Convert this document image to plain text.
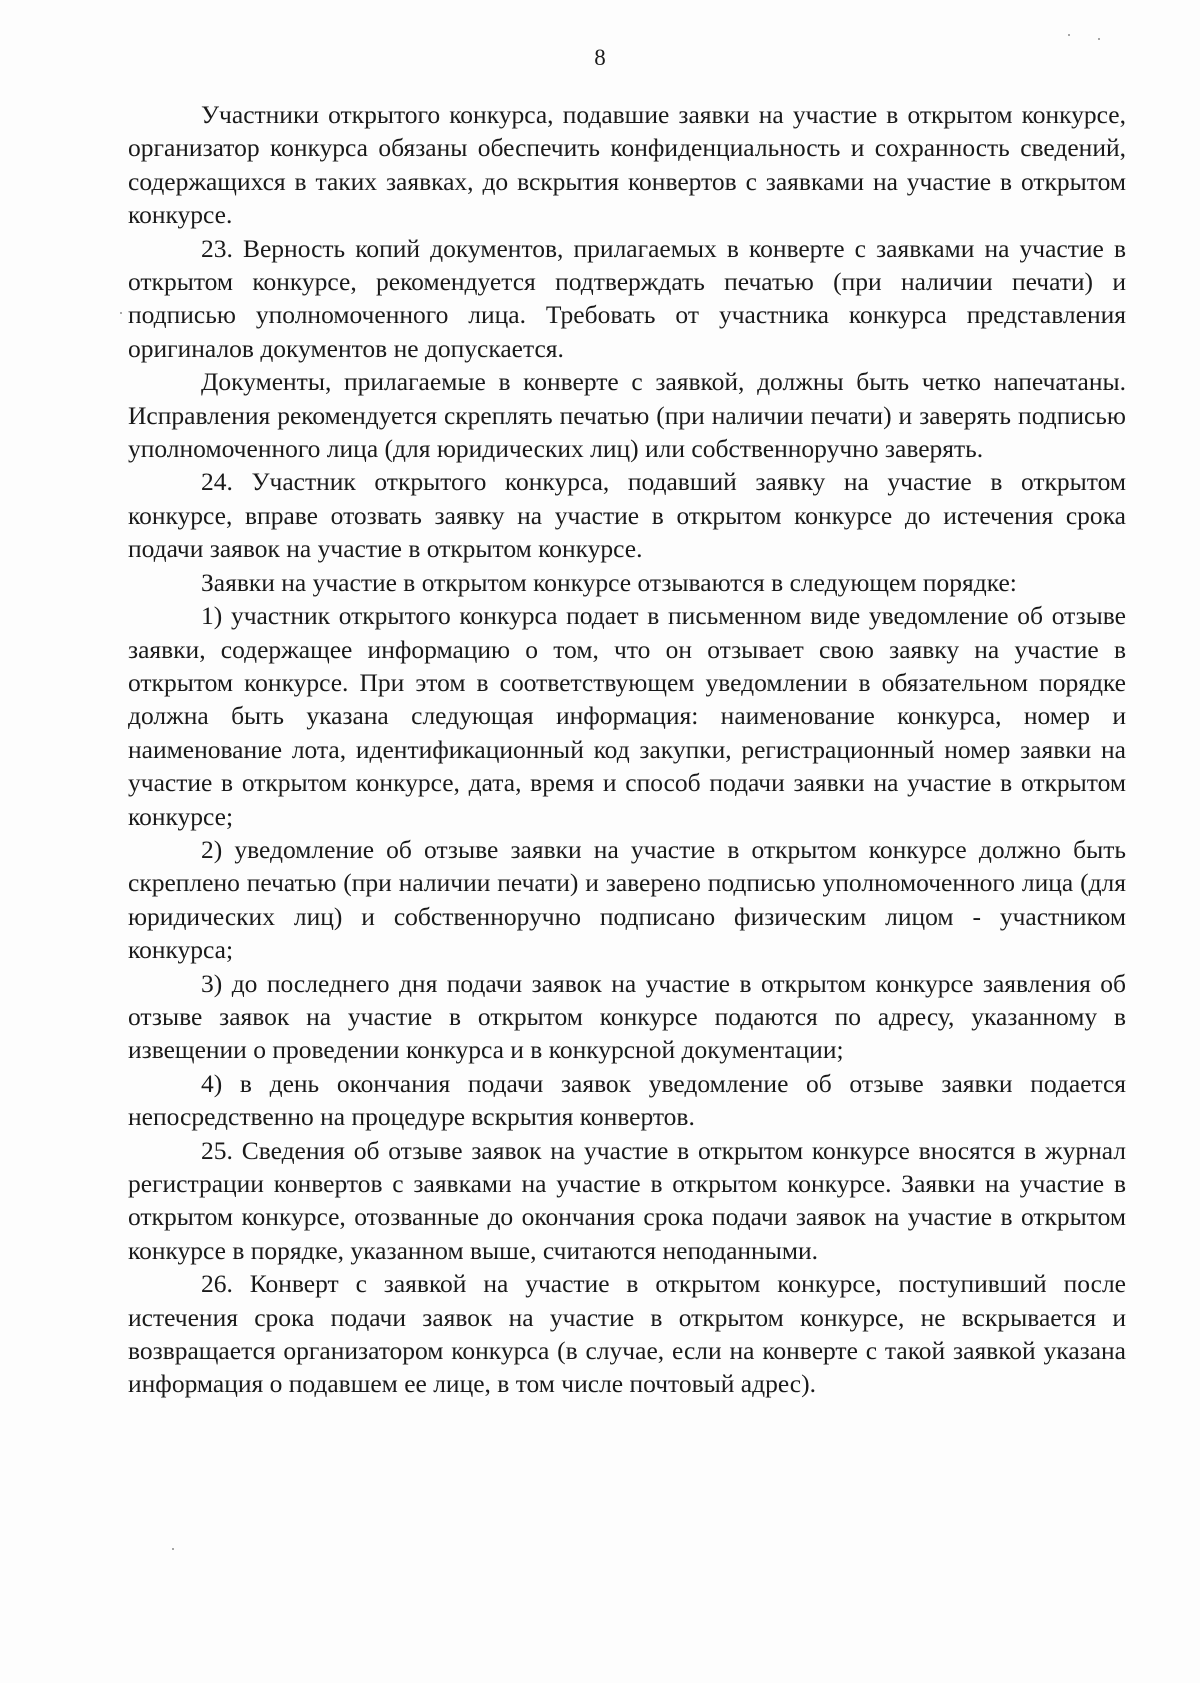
8

Участники открытого конкурса, подавшие заявки на участие в открытом конкурсе, организатор конкурса обязаны обеспечить конфиденциальность и сохранность сведений, содержащихся в таких заявках, до вскрытия конвертов с заявками на участие в открытом конкурсе.

23. Верность копий документов, прилагаемых в конверте с заявками на участие в открытом конкурсе, рекомендуется подтверждать печатью (при наличии печати) и подписью уполномоченного лица. Требовать от участника конкурса представления оригиналов документов не допускается.

Документы, прилагаемые в конверте с заявкой, должны быть четко напечатаны. Исправления рекомендуется скреплять печатью (при наличии печати) и заверять подписью уполномоченного лица (для юридических лиц) или собственноручно заверять.

24. Участник открытого конкурса, подавший заявку на участие в открытом конкурсе, вправе отозвать заявку на участие в открытом конкурсе до истечения срока подачи заявок на участие в открытом конкурсе.

Заявки на участие в открытом конкурсе отзываются в следующем порядке:

1) участник открытого конкурса подает в письменном виде уведомление об отзыве заявки, содержащее информацию о том, что он отзывает свою заявку на участие в открытом конкурсе. При этом в соответствующем уведомлении в обязательном порядке должна быть указана следующая информация: наименование конкурса, номер и наименование лота, идентификационный код закупки, регистрационный номер заявки на участие в открытом конкурсе, дата, время и способ подачи заявки на участие в открытом конкурсе;

2) уведомление об отзыве заявки на участие в открытом конкурсе должно быть скреплено печатью (при наличии печати) и заверено подписью уполномоченного лица (для юридических лиц) и собственноручно подписано физическим лицом - участником конкурса;

3) до последнего дня подачи заявок на участие в открытом конкурсе заявления об отзыве заявок на участие в открытом конкурсе подаются по адресу, указанному в извещении о проведении конкурса и в конкурсной документации;

4) в день окончания подачи заявок уведомление об отзыве заявки подается непосредственно на процедуре вскрытия конвертов.

25. Сведения об отзыве заявок на участие в открытом конкурсе вносятся в журнал регистрации конвертов с заявками на участие в открытом конкурсе. Заявки на участие в открытом конкурсе, отозванные до окончания срока подачи заявок на участие в открытом конкурсе в порядке, указанном выше, считаются неподанными.

26. Конверт с заявкой на участие в открытом конкурсе, поступивший после истечения срока подачи заявок на участие в открытом конкурсе, не вскрывается и возвращается организатором конкурса (в случае, если на конверте с такой заявкой указана информация о подавшем ее лице, в том числе почтовый адрес).
